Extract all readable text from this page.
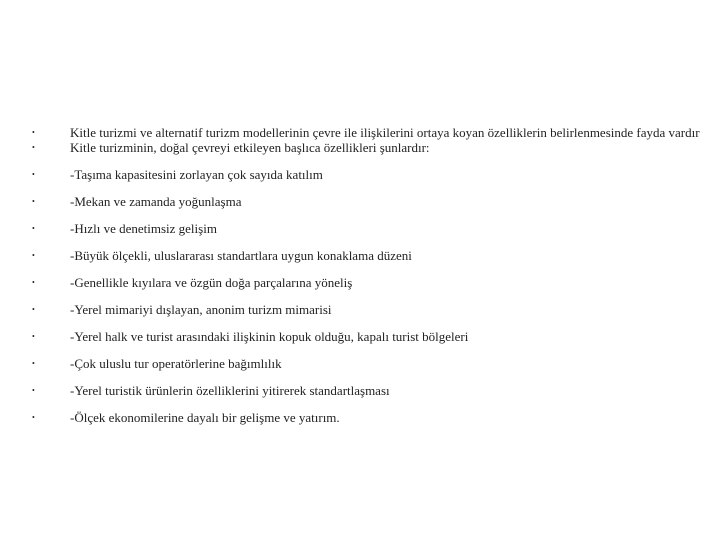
•	Kitle turizmi ve alternatif turizm modellerinin çevre ile ilişkilerini ortaya koyan özelliklerin belirlenmesinde fayda vardır
•	Kitle turizminin, doğal çevreyi etkileyen başlıca özellikleri şunlardır:
•	-Taşıma kapasitesini zorlayan çok sayıda katılım
•	-Mekan ve zamanda yoğunlaşma
•	-Hızlı ve denetimsiz gelişim
•	-Büyük ölçekli, uluslararası standartlara uygun konaklama düzeni
•	-Genellikle kıyılara ve özgün doğa parçalarına yöneliş
•	-Yerel mimariyi dışlayan, anonim turizm mimarisi
•	-Yerel halk ve turist arasındaki ilişkinin kopuk olduğu, kapalı turist bölgeleri
•	-Çok uluslu tur operatörlerine bağımlılık
•	-Yerel turistik ürünlerin özelliklerini yitirerek standartlaşması
•	-Ölçek ekonomilerine dayalı bir gelişme ve yatırım.
